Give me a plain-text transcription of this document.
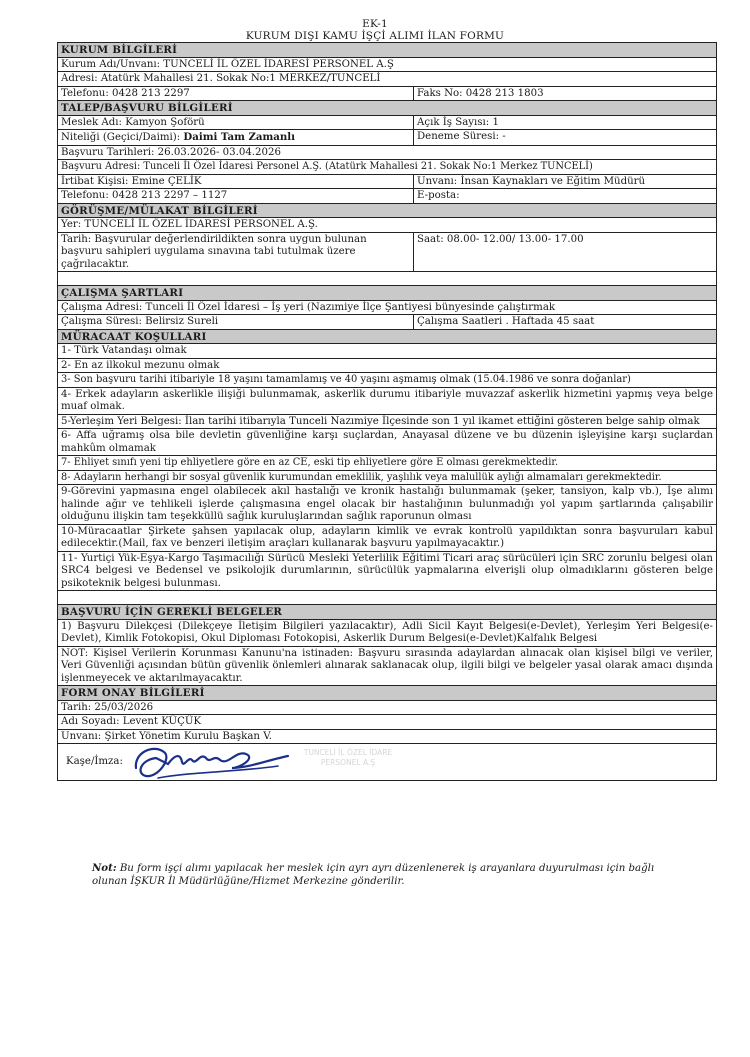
EK-1
KURUM DIŞI KAMU İŞÇİ ALIMI İLAN FORMU
KURUM BİLGİLERİ
Kurum Adı/Unvanı: TUNCELİ İL ÖZEL İDARESİ PERSONEL A.Ş
Adresi: Atatürk Mahallesi 21. Sokak No:1 MERKEZ/TUNCELİ
Telefonu: 0428 213 2297	Faks No: 0428 213 1803
TALEP/BAŞVURU BİLGİLERİ
Meslek Adı: Kamyon Şoförü	Açık İş Sayısı: 1
Niteliği (Geçici/Daimi): Daimi Tam Zamanlı	Deneme Süresi: -
Başvuru Tarihleri: 26.03.2026- 03.04.2026
Başvuru Adresi: Tunceli İl Özel İdaresi Personel A.Ş. (Atatürk Mahallesi 21. Sokak No:1 Merkez TUNCELİ)
İrtibat Kişisi: Emine ÇELİK	Unvanı: İnsan Kaynakları ve Eğitim Müdürü
Telefonu: 0428 213 2297 – 1127	E-posta:
GÖRÜŞME/MÜLAKAT BİLGİLERİ
Yer: TUNCELİ İL ÖZEL İDARESİ PERSONEL A.Ş.
Tarih: Başvurular değerlendirildikten sonra uygun bulunan başvuru sahipleri uygulama sınavına tabi tutulmak üzere çağrılacaktır.
Saat: 08.00- 12.00/ 13.00- 17.00
ÇALIŞMA ŞARTLARI
Çalışma Adresi: Tunceli İl Özel İdaresi – İş yeri (Nazımiye İlçe Şantiyesi bünyesinde çalıştırmak
Çalışma Süresi: Belirsiz Sureli	Çalışma Saatleri . Haftada 45 saat
MÜRACAAT KOŞULLARI
1- Türk Vatandaşı olmak
2- En az ilkokul mezunu olmak
3- Son başvuru tarihi itibariyle 18 yaşını tamamlamış ve 40 yaşını aşmamış olmak (15.04.1986 ve sonra doğanlar)
4- Erkek adayların askerlikle ilişiği bulunmamak, askerlik durumu itibariyle muvazzaf askerlik hizmetini yapmış veya belge muaf olmak.
5-Yerleşim Yeri Belgesi: İlan tarihi itibarıyla Tunceli Nazımiye İlçesinde son 1 yıl ikamet ettiğini gösteren belge sahip olmak
6- Affa uğramış olsa bile devletin güvenliğine karşı suçlardan, Anayasal düzene ve bu düzenin işleyişine karşı suçlardan mahkûm olmamak
7- Ehliyet sınıfı yeni tip ehliyetlere göre en az CE, eski tip ehliyetlere göre E olması gerekmektedir.
8- Adayların herhangi bir sosyal güvenlik kurumundan emeklilik, yaşlılık veya malullük aylığı almamaları gerekmektedir.
9-Görevini yapmasına engel olabilecek akıl hastalığı ve kronik hastalığı bulunmamak (şeker, tansiyon, kalp vb.), İşe alımı halinde ağır ve tehlikeli işlerde çalışmasına engel olacak bir hastalığının bulunmadığı yol yapım şartlarında çalışabilir olduğunu ilişkin tam teşekküllü sağlık kuruluşlarından sağlık raporunun olması
10-Müracaatlar Şirkete şahsen yapılacak olup, adayların kimlik ve evrak kontrolü yapıldıktan sonra başvuruları kabul edilecektir.(Mail, fax ve benzeri iletişim araçları kullanarak başvuru yapılmayacaktır.)
11- Yurtiçi Yük-Eşya-Kargo Taşımacılığı Sürücü Mesleki Yeterlilik Eğitimi Ticari araç sürücüleri için SRC zorunlu belgesi olan SRC4 belgesi ve Bedensel ve psikolojik durumlarının, sürücülük yapmalarına elverişli olup olmadıklarını gösteren belge psikoteknik belgesi bulunması.
BAŞVURU İÇİN GEREKLİ BELGELER
1) Başvuru Dilekçesi (Dilekçeye İletişim Bilgileri yazılacaktır), Adli Sicil Kayıt Belgesi(e-Devlet), Yerleşim Yeri Belgesi(e-Devlet), Kimlik Fotokopisi, Okul Diploması Fotokopisi, Askerlik Durum Belgesi(e-Devlet)Kalfalık Belgesi
NOT: Kişisel Verilerin Korunması Kanunu'na istinaden: Başvuru sırasında adaylardan alınacak olan kişisel bilgi ve veriler, Veri Güvenliği açısından bütün güvenlik önlemleri alınarak saklanacak olup, ilgili bilgi ve belgeler yasal olarak amacı dışında işlenmeyecek ve aktarılmayacaktır.
FORM ONAY BİLGİLERİ
Tarih: 25/03/2026
Adı Soyadı: Levent KÜÇÜK
Unvanı: Şirket Yönetim Kurulu Başkan V.
Kaşe/İmza:
TUNCELİ İL ÖZEL İDARE
PERSONEL A.Ş
Not: Bu form işçi alımı yapılacak her meslek için ayrı ayrı düzenlenerek iş arayanlara duyurulması için bağlı olunan İŞKUR İl Müdürlüğüne/Hizmet Merkezine gönderilir.
